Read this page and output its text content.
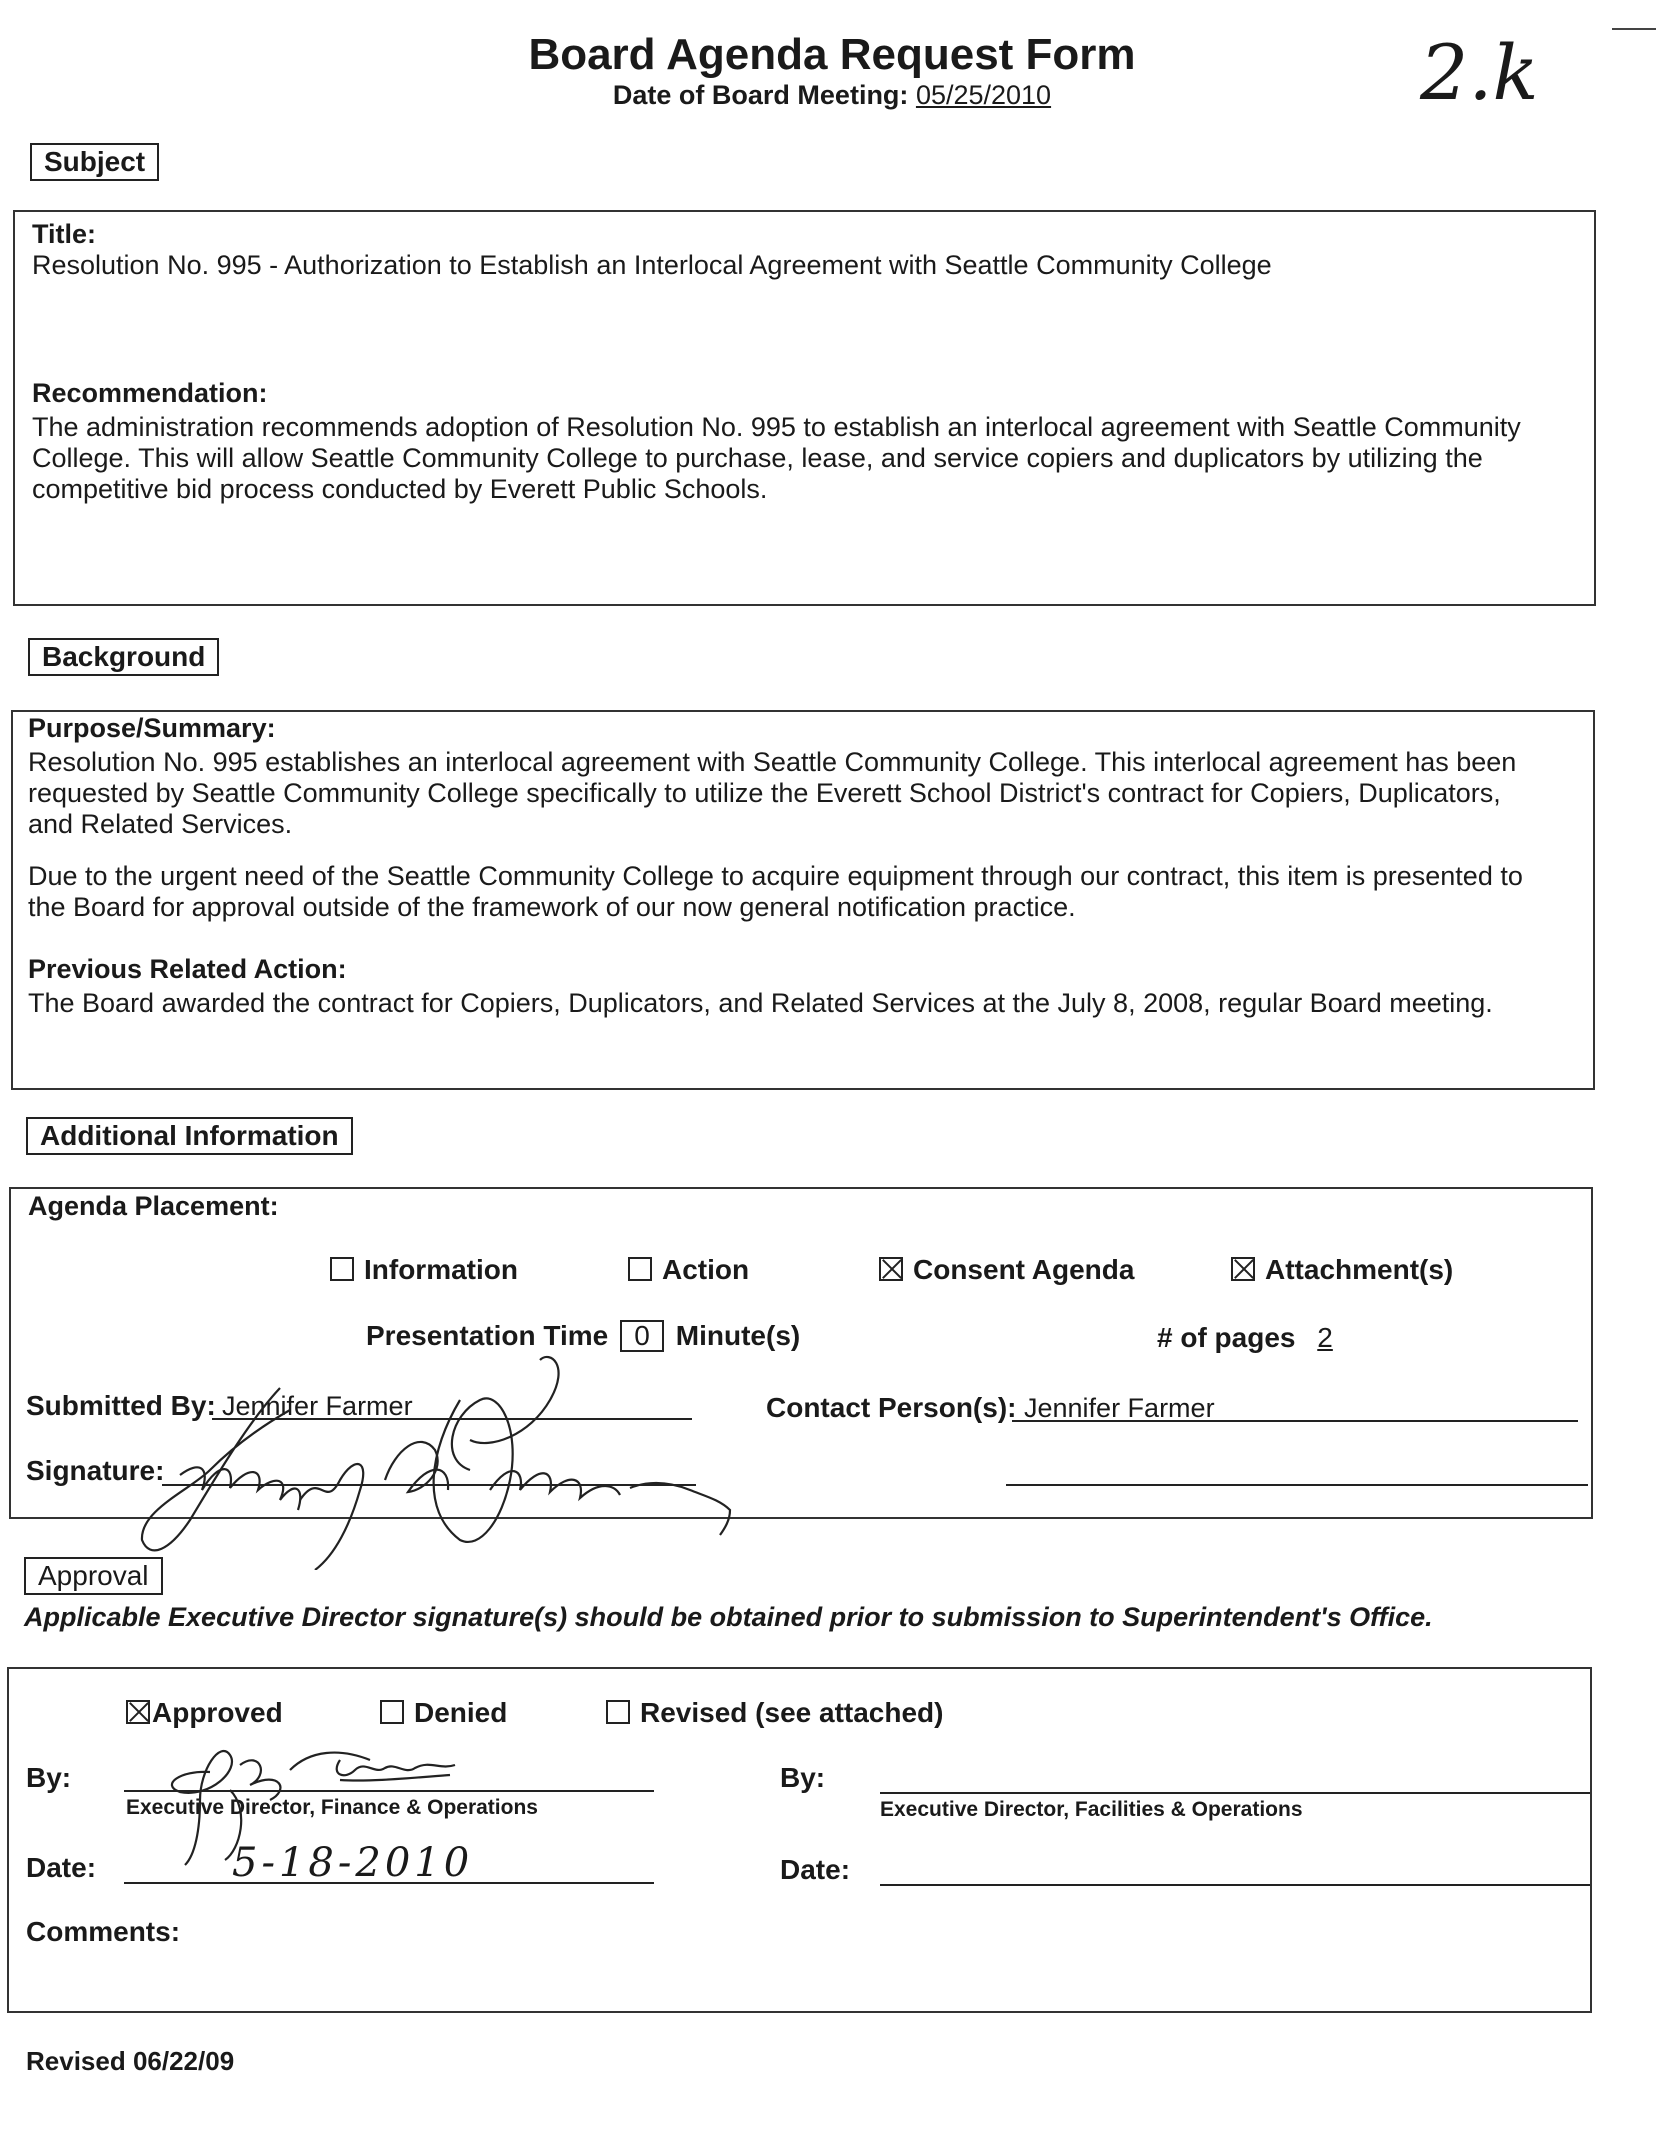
Board Agenda Request Form
Date of Board Meeting: 05/25/2010	2.k
Subject
Title:
Resolution No. 995 - Authorization to Establish an Interlocal Agreement with Seattle Community College
Recommendation:
The administration recommends adoption of Resolution No. 995 to establish an interlocal agreement with Seattle Community
College. This will allow Seattle Community College to purchase, lease, and service copiers and duplicators by utilizing the
competitive bid process conducted by Everett Public Schools.
Background
Purpose/Summary:
Resolution No. 995 establishes an interlocal agreement with Seattle Community College. This interlocal agreement has been
requested by Seattle Community College specifically to utilize the Everett School District's contract for Copiers, Duplicators,
and Related Services.
Due to the urgent need of the Seattle Community College to acquire equipment through our contract, this item is presented to
the Board for approval outside of the framework of our now general notification practice.
Previous Related Action:
The Board awarded the contract for Copiers, Duplicators, and Related Services at the July 8, 2008, regular Board meeting.
Additional Information
Agenda Placement:
Information	Action	Consent Agenda	Attachment(s)
Presentation Time 0 Minute(s)	# of pages 2
Submitted By: Jennifer Farmer	Contact Person(s): Jennifer Farmer
Signature:
Approval
Applicable Executive Director signature(s) should be obtained prior to submission to Superintendent's Office.
Approved	Denied	Revised (see attached)
By:
Executive Director, Finance & Operations
By:
Executive Director, Facilities & Operations
Date:	5-18-2010	Date:
Comments:
Revised 06/22/09
